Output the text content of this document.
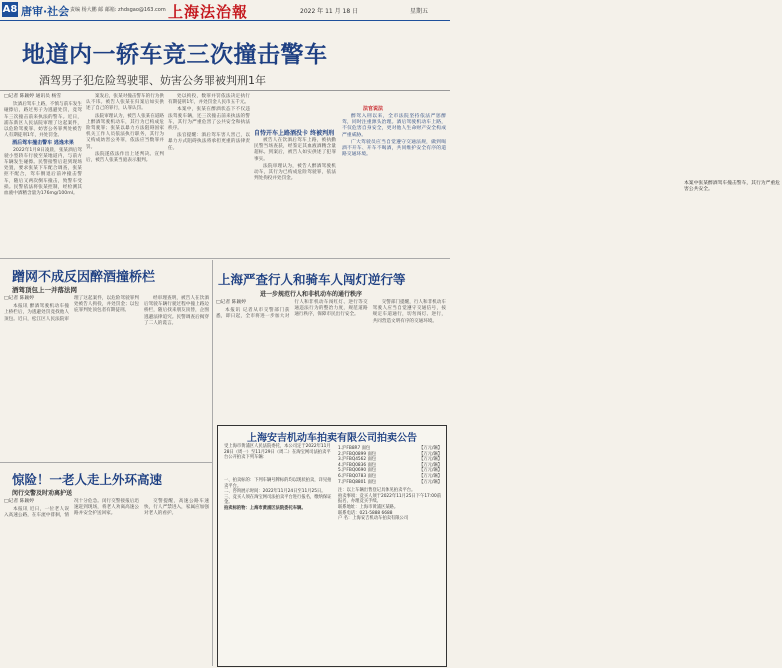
A8 唐审·社会 责编 杨大鹏 邮 邮箱: zhdsgao@163.com 上海法治報	2022 年 11 月 18 日	星期五
地道内一轿车竞三次撞击警车
酒驾男子犯危险驾驶罪、妨害公务罪被判刑1年
□记者 陈颖婷 通讯员 杨雪

饮酒后驾车上路，不慎与前车发生碰擦后，路过男子为逃避处罚，竟驾车三次撞击前来执法的警车。近日，浦东新区人民法院审理了这起案件，以危险驾驶罪、妨害公务罪判处被告人有期徒刑1年，并处罚金。

酒后驾车撞击警车 逃逸未果

2022年1月8日凌晨，张某酒后驾驶小型轿车行驶至某地道内，与前方车辆发生碰擦。民警接警后赶到现场处置，要求张某下车配合调查，张某拒不配合，驾车倒退后前冲撞击警车，随后又两次倒车撞击，致警车受损。民警依法将张某控制，经检测其血液中酒精含量为176mg/100ml。

案发后，张某对撞击警车的行为供认不讳。被告人张某在归案后如实供述了自己的罪行，认罪认罚。

法院审理认为，被告人张某在道路上醉酒驾驶机动车，其行为已构成危险驾驶罪；张某以暴力方法阻碍国家机关工作人员依法执行职务，其行为又构成妨害公务罪，依法应当数罪并罚。

法院遂依法作出上述判决。宣判后，被告人张某当庭表示服判。

处以拘役，数罪并罚依法决定执行有期徒刑1年，并处罚金人民币五千元。

本案中，张某在醉酒状态下不仅违法驾驶车辆，还三次撞击前来执法的警车，其行为严重危害了公共安全和执法秩序。

法官提醒：酒后驾车害人害己，以暴力方式阻碍执法将承担更重的法律责任。

自恃开车上路酒没卡 终被判刑

被告人在饮酒后驾车上路，被执勤民警当场查获，经鉴定其血液酒精含量超标。到案后，被告人如实供述了犯罪事实。

法院审理认为，被告人醉酒驾驶机动车，其行为已构成危险驾驶罪，依法判处拘役并处罚金。

本案中张某醉酒驾车撞击警车，其行为严重危害公共安全。
法官说法

醉驾入刑以来，全市法院坚持依法严惩醉驾，同时注重源头治理。酒后驾驶机动车上路，不仅危害自身安全，更对他人生命财产安全构成严重威胁。

广大驾驶员应当自觉遵守交通法规，做到喝酒不开车、开车不喝酒，共同维护安全有序的道路交通环境。

蹭网不成反因醉酒撞桥栏
酒驾顶包上一并落法网
□记者 陈颖婷

本报讯 醉酒驾驶机动车撞上桥栏后，为逃避处罚竟找他人顶包。近日，松江区人民法院审理了这起案件，以危险驾驶罪判处被告人拘役，并处罚金；以包庇罪判处顶包者有期徒刑。

经审理查明，被告人在饮酒后驾驶车辆行驶过程中撞上路边桥栏，随后找来朋友顶替，企图逃避法律追究。民警调查后揭穿了二人的谎言。

上海严查行人和骑车人闯灯逆行等
进一步规范行人和非机动车的通行秩序
□记者 陈颖婷

本报讯 记者从市交警部门获悉，即日起，全市将进一步加大对行人和非机动车闯红灯、逆行等交通违法行为的整治力度，规范道路通行秩序，保障市民出行安全。

交警部门提醒，行人和非机动车驾驶人应当自觉遵守交通信号，按规定车道通行，切勿闯灯、逆行，共同营造文明有序的交通环境。

惊险！一老人走上外环高速
闵行交警及时劝离护送
□记者 陈颖婷

本报讯 近日，一位老人误入高速公路，在车流中徘徊，情况十分危急。闵行交警接报后迅速赶到现场，将老人劝离高速公路并安全护送回家。

交警提醒，高速公路车速快，行人严禁进入，家属应加强对老人的看护。

上海安吉机动车拍卖有限公司拍卖公告
受上海市黄浦区人民法院委托，本公司定于2022年11月28日（周一）至11月29日（周二）在淘宝网司法拍卖平台公开拍卖下列车辆：
一、拍卖标的：下列车辆号牌标的均以现状拍卖，详见拍卖平台。
二、咨询展示时间：2022年11月24日至11月25日。
三、竞买人须在淘宝网司法拍卖平台进行报名，缴纳保证金。
拍卖标的物：上海市黄浦区法院委托车辆。
1.沪FB8R7 面包	【万元/辆】
2.沪FBQ0899 面包	【万元/辆】
3.沪FBQ4562 面包	【万元/辆】
4.沪FBQ0836 面包	【万元/辆】
5.沪FBQ0690 面包	【万元/辆】
6.沪FBQ0783 面包	【万元/辆】
7.沪FBQ8801 面包	【万元/辆】
注：以上车辆出售登记具体见拍卖平台。
拍卖事项：竞买人须于2022年11月25日下午17:00前报名，办理竞买手续。
联系地址：上海市黄浦区某路。
联系电话：021-5888 6688
户 名：上海安吉机动车拍卖有限公司
